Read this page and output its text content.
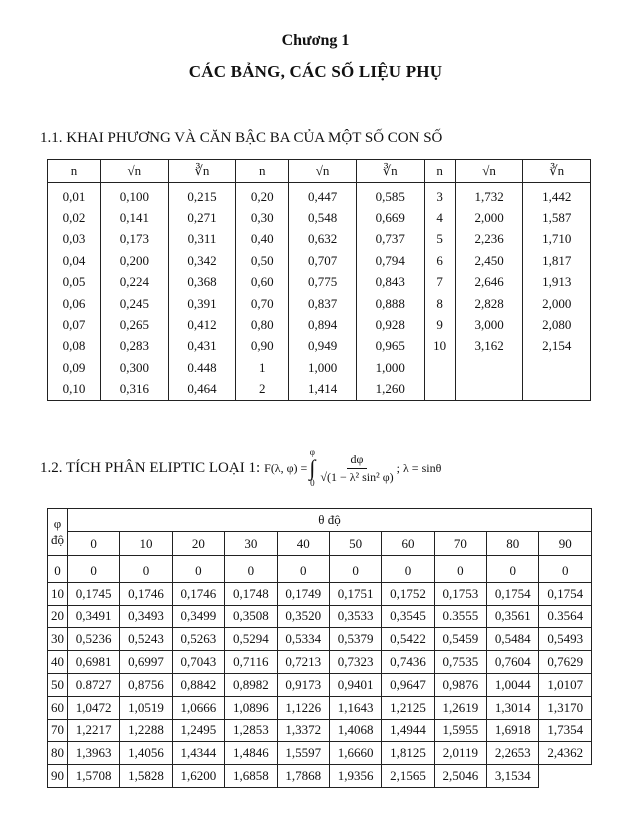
Chương 1
CÁC BẢNG, CÁC SỐ LIỆU PHỤ
1.1. KHAI PHƯƠNG VÀ CĂN BẬC BA CỦA MỘT SỐ CON SỐ
n	√n	∛n	n	√n	∛n	n	√n	∛n
0,01	0,100	0,215	0,20	0,447	0,585	3	1,732	1,442
0,02	0,141	0,271	0,30	0,548	0,669	4	2,000	1,587
0,03	0,173	0,311	0,40	0,632	0,737	5	2,236	1,710
0,04	0,200	0,342	0,50	0,707	0,794	6	2,450	1,817
0,05	0,224	0,368	0,60	0,775	0,843	7	2,646	1,913
0,06	0,245	0,391	0,70	0,837	0,888	8	2,828	2,000
0,07	0,265	0,412	0,80	0,894	0,928	9	3,000	2,080
0,08	0,283	0,431	0,90	0,949	0,965	10	3,162	2,154
0,09	0,300	0.448	1	1,000	1,000			
0,10	0,316	0,464	2	1,414	1,260			
1.2. TÍCH PHÂN ELIPTIC LOẠI 1: F(λ, φ) =
φ
∫
$0 \frac{d\varphi}{\text{√(1 − λ² sin² φ)}}$ ; λ = sinθ
φ
độ	θ độ									
	0	10	20	30	40	50	60	70	80	90
0	0	0	0	0	0	0	0	0	0	0
10	0,1745	0,1746	0,1746	0,1748	0,1749	0,1751	0,1752	0,1753	0,1754	0,1754
20	0,3491	0,3493	0,3499	0,3508	0,3520	0,3533	0,3545	0.3555	0,3561	0.3564
30	0,5236	0,5243	0,5263	0,5294	0,5334	0,5379	0,5422	0,5459	0,5484	0,5493
40	0,6981	0,6997	0,7043	0,7116	0,7213	0,7323	0,7436	0,7535	0,7604	0,7629
50	0.8727	0,8756	0,8842	0,8982	0,9173	0,9401	0,9647	0,9876	1,0044	1,0107
60	1,0472	1,0519	1,0666	1,0896	1,1226	1,1643	1,2125	1,2619	1,3014	1,3170
70	1,2217	1,2288	1,2495	1,2853	1,3372	1,4068	1,4944	1,5955	1,6918	1,7354
80	1,3963	1,4056	1,4344	1,4846	1,5597	1,6660	1,8125	2,0119	2,2653	2,4362
90	1,5708	1,5828	1,6200	1,6858	1,7868	1,9356	2,1565	2,5046	3,1534	
